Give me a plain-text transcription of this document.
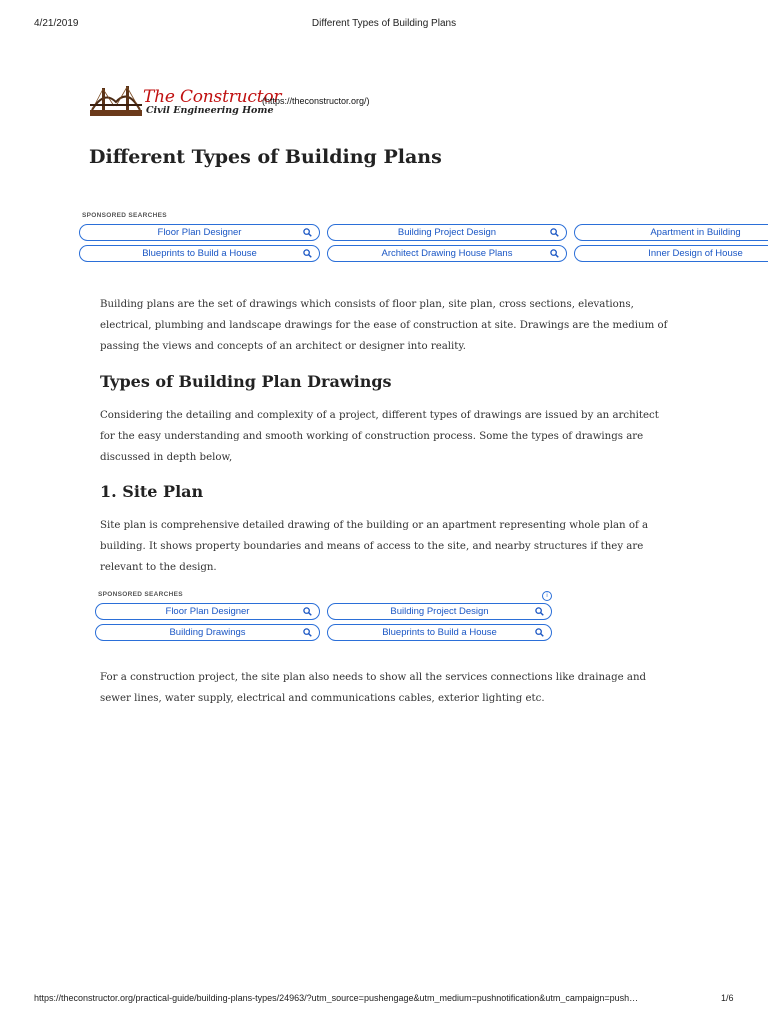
4/21/2019	Different Types of Building Plans
The Constructor
Civil Engineering Home
(https://theconstructor.org/)
Different Types of Building Plans
SPONSORED SEARCHES
Floor Plan Designer	Building Project Design	Apartment in Building
Blueprints to Build a House	Architect Drawing House Plans	Inner Design of House

Building plans are the set of drawings which consists of floor plan, site plan, cross sections, elevations, electrical, plumbing and landscape drawings for the ease of construction at site. Drawings are the medium of passing the views and concepts of an architect or designer into reality.

Types of Building Plan Drawings

Considering the detailing and complexity of a project, different types of drawings are issued by an architect for the easy understanding and smooth working of construction process. Some the types of drawings are discussed in depth below,

1. Site Plan

Site plan is comprehensive detailed drawing of the building or an apartment representing whole plan of a building. It shows property boundaries and means of access to the site, and nearby structures if they are relevant to the design.

SPONSORED SEARCHES	i
Floor Plan Designer	Building Project Design
Building Drawings	Blueprints to Build a House

For a construction project, the site plan also needs to show all the services connections like drainage and sewer lines, water supply, electrical and communications cables, exterior lighting etc.

https://theconstructor.org/practical-guide/building-plans-types/24963/?utm_source=pushengage&utm_medium=pushnotification&utm_campaign=push…	1/6
